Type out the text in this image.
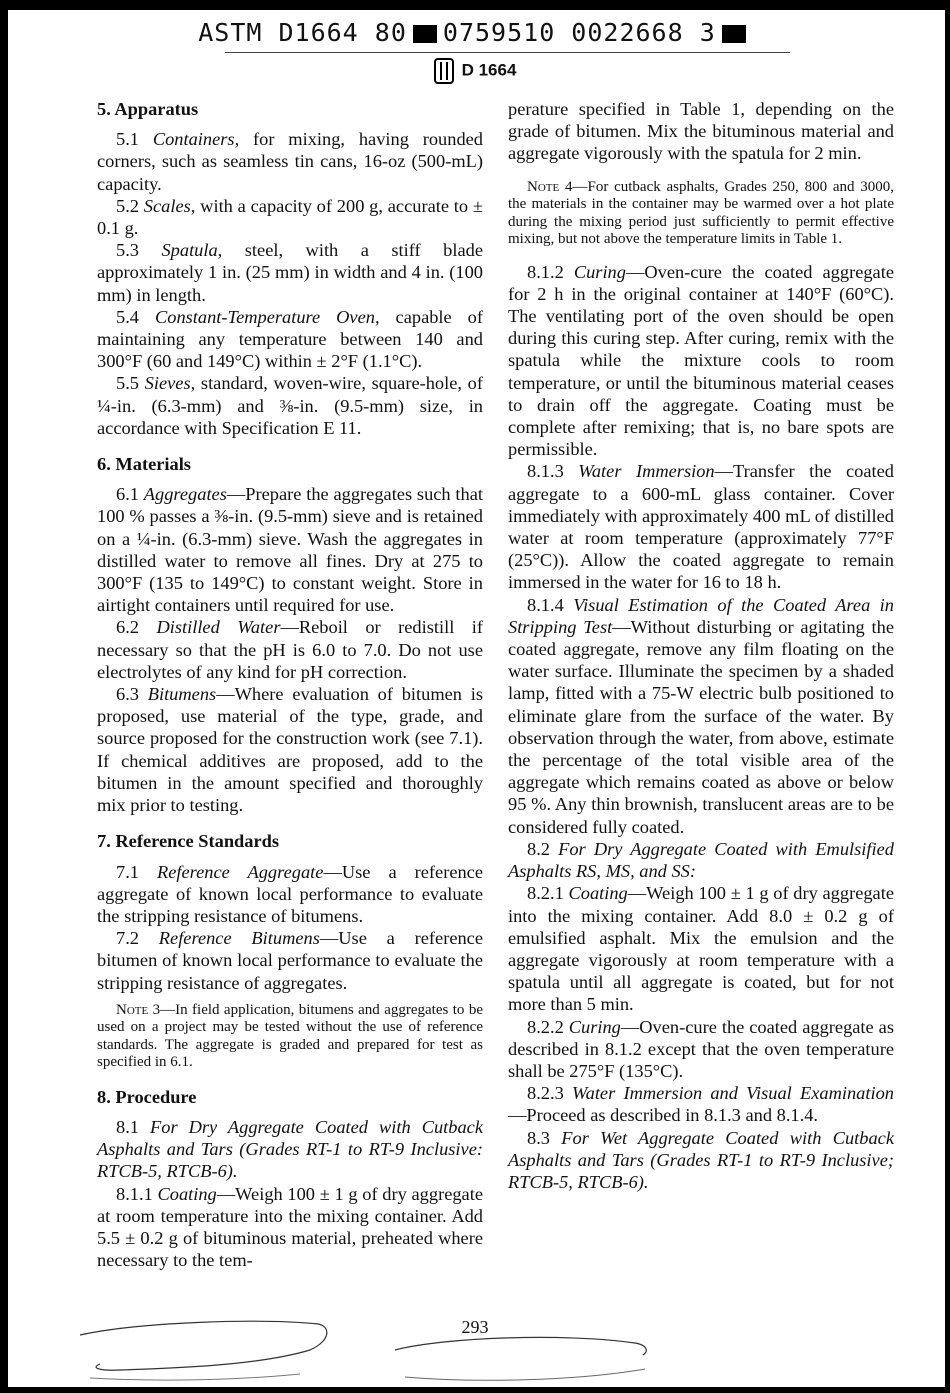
ASTM D1664 80 0759510 0022668 3
D 1664
5. Apparatus

5.1 Containers, for mixing, having rounded corners, such as seamless tin cans, 16-oz (500-mL) capacity.

5.2 Scales, with a capacity of 200 g, accurate to ± 0.1 g.

5.3 Spatula, steel, with a stiff blade approximately 1 in. (25 mm) in width and 4 in. (100 mm) in length.

5.4 Constant-Temperature Oven, capable of maintaining any temperature between 140 and 300°F (60 and 149°C) within ± 2°F (1.1°C).

5.5 Sieves, standard, woven-wire, square-hole, of ¼-in. (6.3-mm) and ⅜-in. (9.5-mm) size, in accordance with Specification E 11.

6. Materials

6.1 Aggregates—Prepare the aggregates such that 100 % passes a ⅜-in. (9.5-mm) sieve and is retained on a ¼-in. (6.3-mm) sieve. Wash the aggregates in distilled water to remove all fines. Dry at 275 to 300°F (135 to 149°C) to constant weight. Store in airtight containers until required for use.

6.2 Distilled Water—Reboil or redistill if necessary so that the pH is 6.0 to 7.0. Do not use electrolytes of any kind for pH correction.

6.3 Bitumens—Where evaluation of bitumen is proposed, use material of the type, grade, and source proposed for the construction work (see 7.1). If chemical additives are proposed, add to the bitumen in the amount specified and thoroughly mix prior to testing.

7. Reference Standards

7.1 Reference Aggregate—Use a reference aggregate of known local performance to evaluate the stripping resistance of bitumens.

7.2 Reference Bitumens—Use a reference bitumen of known local performance to evaluate the stripping resistance of aggregates.

Note 3—In field application, bitumens and aggregates to be used on a project may be tested without the use of reference standards. The aggregate is graded and prepared for test as specified in 6.1.

8. Procedure

8.1 For Dry Aggregate Coated with Cutback Asphalts and Tars (Grades RT-1 to RT-9 Inclusive: RTCB-5, RTCB-6).

8.1.1 Coating—Weigh 100 ± 1 g of dry aggregate at room temperature into the mixing container. Add 5.5 ± 0.2 g of bituminous material, preheated where necessary to the tem-

perature specified in Table 1, depending on the grade of bitumen. Mix the bituminous material and aggregate vigorously with the spatula for 2 min.

Note 4—For cutback asphalts, Grades 250, 800 and 3000, the materials in the container may be warmed over a hot plate during the mixing period just sufficiently to permit effective mixing, but not above the temperature limits in Table 1.

8.1.2 Curing—Oven-cure the coated aggregate for 2 h in the original container at 140°F (60°C). The ventilating port of the oven should be open during this curing step. After curing, remix with the spatula while the mixture cools to room temperature, or until the bituminous material ceases to drain off the aggregate. Coating must be complete after remixing; that is, no bare spots are permissible.

8.1.3 Water Immersion—Transfer the coated aggregate to a 600-mL glass container. Cover immediately with approximately 400 mL of distilled water at room temperature (approximately 77°F (25°C)). Allow the coated aggregate to remain immersed in the water for 16 to 18 h.

8.1.4 Visual Estimation of the Coated Area in Stripping Test—Without disturbing or agitating the coated aggregate, remove any film floating on the water surface. Illuminate the specimen by a shaded lamp, fitted with a 75-W electric bulb positioned to eliminate glare from the surface of the water. By observation through the water, from above, estimate the percentage of the total visible area of the aggregate which remains coated as above or below 95 %. Any thin brownish, translucent areas are to be considered fully coated.

8.2 For Dry Aggregate Coated with Emulsified Asphalts RS, MS, and SS:

8.2.1 Coating—Weigh 100 ± 1 g of dry aggregate into the mixing container. Add 8.0 ± 0.2 g of emulsified asphalt. Mix the emulsion and the aggregate vigorously at room temperature with a spatula until all aggregate is coated, but for not more than 5 min.

8.2.2 Curing—Oven-cure the coated aggregate as described in 8.1.2 except that the oven temperature shall be 275°F (135°C).

8.2.3 Water Immersion and Visual Examination—Proceed as described in 8.1.3 and 8.1.4.

8.3 For Wet Aggregate Coated with Cutback Asphalts and Tars (Grades RT-1 to RT-9 Inclusive; RTCB-5, RTCB-6).

293
